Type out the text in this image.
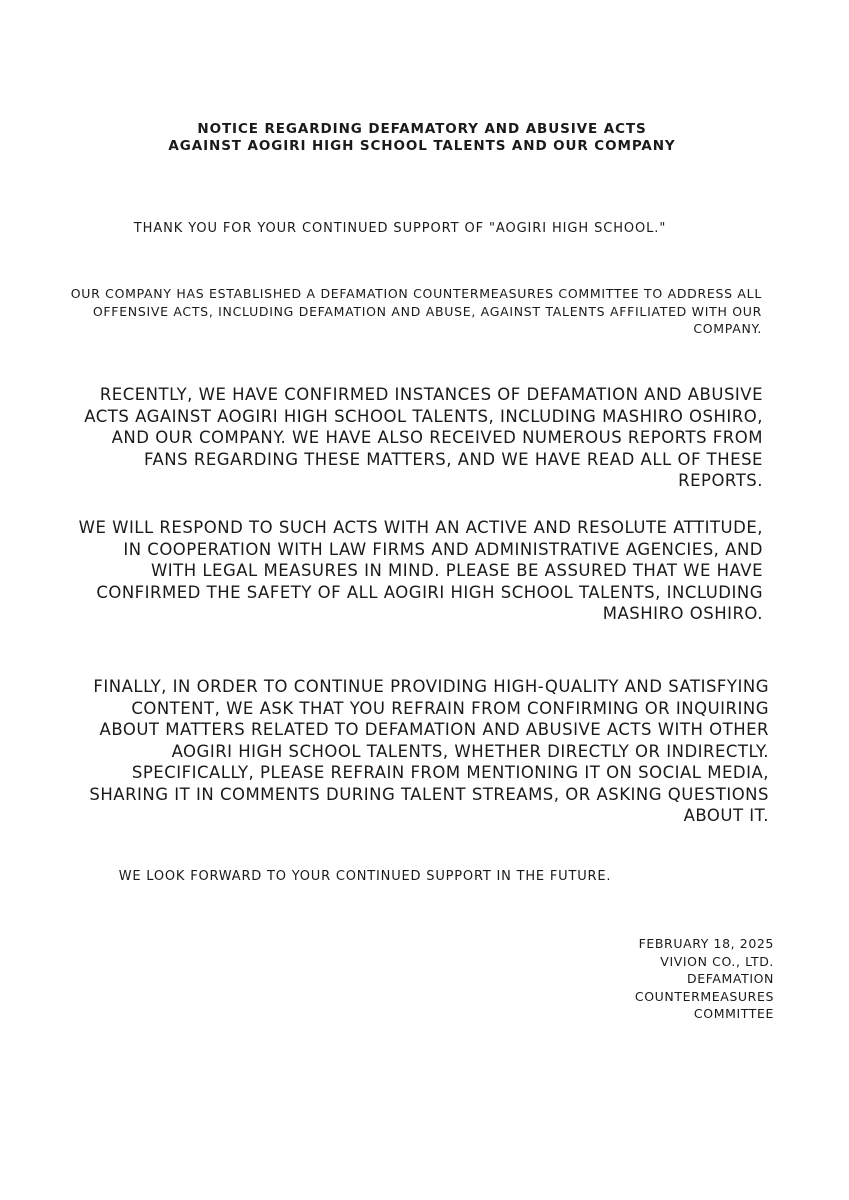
NOTICE REGARDING DEFAMATORY AND ABUSIVE ACTS AGAINST AOGIRI HIGH SCHOOL TALENTS AND OUR COMPANY

THANK YOU FOR YOUR CONTINUED SUPPORT OF "AOGIRI HIGH SCHOOL."

OUR COMPANY HAS ESTABLISHED A DEFAMATION COUNTERMEASURES COMMITTEE TO ADDRESS ALL OFFENSIVE ACTS, INCLUDING DEFAMATION AND ABUSE, AGAINST TALENTS AFFILIATED WITH OUR COMPANY.

RECENTLY, WE HAVE CONFIRMED INSTANCES OF DEFAMATION AND ABUSIVE ACTS AGAINST AOGIRI HIGH SCHOOL TALENTS, INCLUDING MASHIRO OSHIRO, AND OUR COMPANY. WE HAVE ALSO RECEIVED NUMEROUS REPORTS FROM FANS REGARDING THESE MATTERS, AND WE HAVE READ ALL OF THESE REPORTS.

WE WILL RESPOND TO SUCH ACTS WITH AN ACTIVE AND RESOLUTE ATTITUDE, IN COOPERATION WITH LAW FIRMS AND ADMINISTRATIVE AGENCIES, AND WITH LEGAL MEASURES IN MIND. PLEASE BE ASSURED THAT WE HAVE CONFIRMED THE SAFETY OF ALL AOGIRI HIGH SCHOOL TALENTS, INCLUDING MASHIRO OSHIRO.

FINALLY, IN ORDER TO CONTINUE PROVIDING HIGH-QUALITY AND SATISFYING CONTENT, WE ASK THAT YOU REFRAIN FROM CONFIRMING OR INQUIRING ABOUT MATTERS RELATED TO DEFAMATION AND ABUSIVE ACTS WITH OTHER AOGIRI HIGH SCHOOL TALENTS, WHETHER DIRECTLY OR INDIRECTLY. SPECIFICALLY, PLEASE REFRAIN FROM MENTIONING IT ON SOCIAL MEDIA, SHARING IT IN COMMENTS DURING TALENT STREAMS, OR ASKING QUESTIONS ABOUT IT.

WE LOOK FORWARD TO YOUR CONTINUED SUPPORT IN THE FUTURE.

FEBRUARY 18, 2025
VIVION CO., LTD.
DEFAMATION
COUNTERMEASURES
COMMITTEE
